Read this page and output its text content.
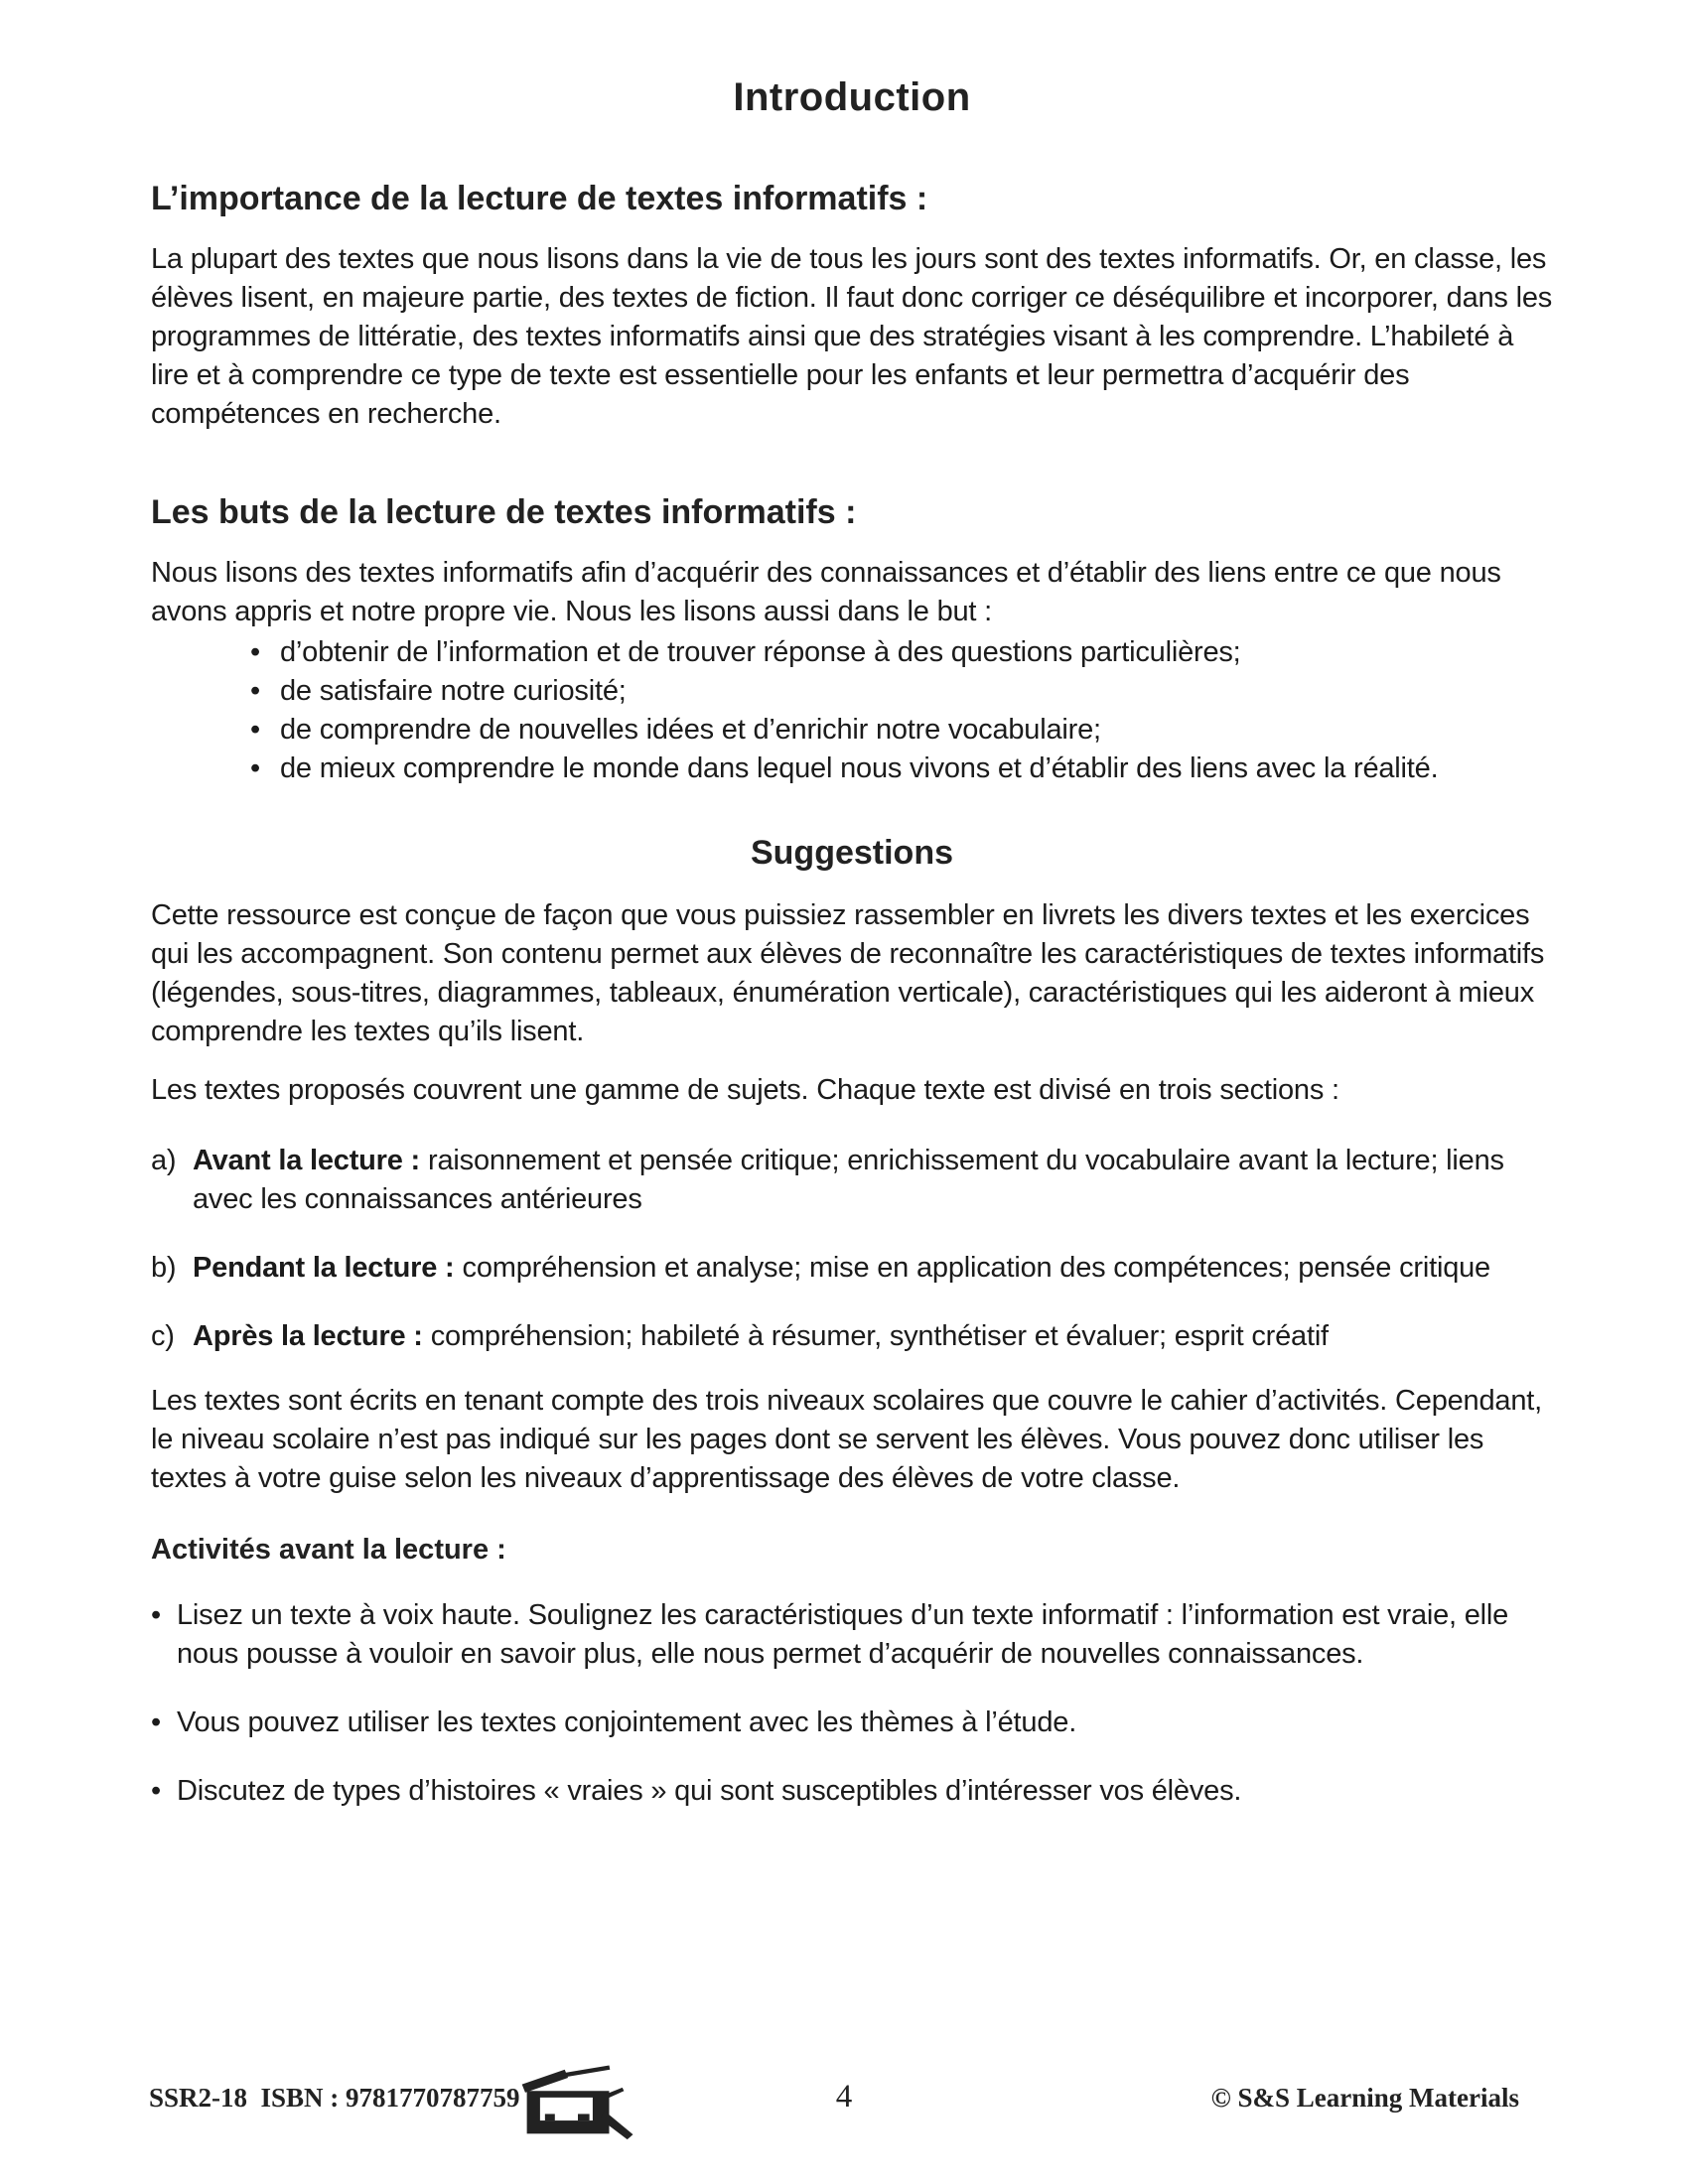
Introduction
L’importance de la lecture de textes informatifs :

La plupart des textes que nous lisons dans la vie de tous les jours sont des textes informatifs. Or, en classe, les élèves lisent, en majeure partie, des textes de fiction. Il faut donc corriger ce déséquilibre et incorporer, dans les programmes de littératie, des textes informatifs ainsi que des stratégies visant à les comprendre. L’habileté à lire et à comprendre ce type de texte est essentielle pour les enfants et leur permettra d’acquérir des compétences en recherche.

Les buts de la lecture de textes informatifs :

Nous lisons des textes informatifs afin d’acquérir des connaissances et d’établir des liens entre ce que nous avons appris et notre propre vie. Nous les lisons aussi dans le but :

• d’obtenir de l’information et de trouver réponse à des questions particulières;
• de satisfaire notre curiosité;
• de comprendre de nouvelles idées et d’enrichir notre vocabulaire;
• de mieux comprendre le monde dans lequel nous vivons et d’établir des liens avec la réalité.
Suggestions

Cette ressource est conçue de façon que vous puissiez rassembler en livrets les divers textes et les exercices qui les accompagnent. Son contenu permet aux élèves de reconnaître les caractéristiques de textes informatifs (légendes, sous-titres, diagrammes, tableaux, énumération verticale), caractéristiques qui les aideront à mieux comprendre les textes qu’ils lisent.

Les textes proposés couvrent une gamme de sujets. Chaque texte est divisé en trois sections :

a) Avant la lecture : raisonnement et pensée critique; enrichissement du vocabulaire avant la lecture; liens avec les connaissances antérieures

b) Pendant la lecture : compréhension et analyse; mise en application des compétences; pensée critique

c) Après la lecture : compréhension; habileté à résumer, synthétiser et évaluer; esprit créatif

Les textes sont écrits en tenant compte des trois niveaux scolaires que couvre le cahier d’activités. Cependant, le niveau scolaire n’est pas indiqué sur les pages dont se servent les élèves. Vous pouvez donc utiliser les textes à votre guise selon les niveaux d’apprentissage des élèves de votre classe.

Activités avant la lecture :
• Lisez un texte à voix haute. Soulignez les caractéristiques d’un texte informatif : l’information est vraie, elle nous pousse à vouloir en savoir plus, elle nous permet d’acquérir de nouvelles connaissances.
• Vous pouvez utiliser les textes conjointement avec les thèmes à l’étude.
• Discutez de types d’histoires « vraies » qui sont susceptibles d’intéresser vos élèves.
SSR2-18  ISBN : 9781770787759	4	© S&S Learning Materials
